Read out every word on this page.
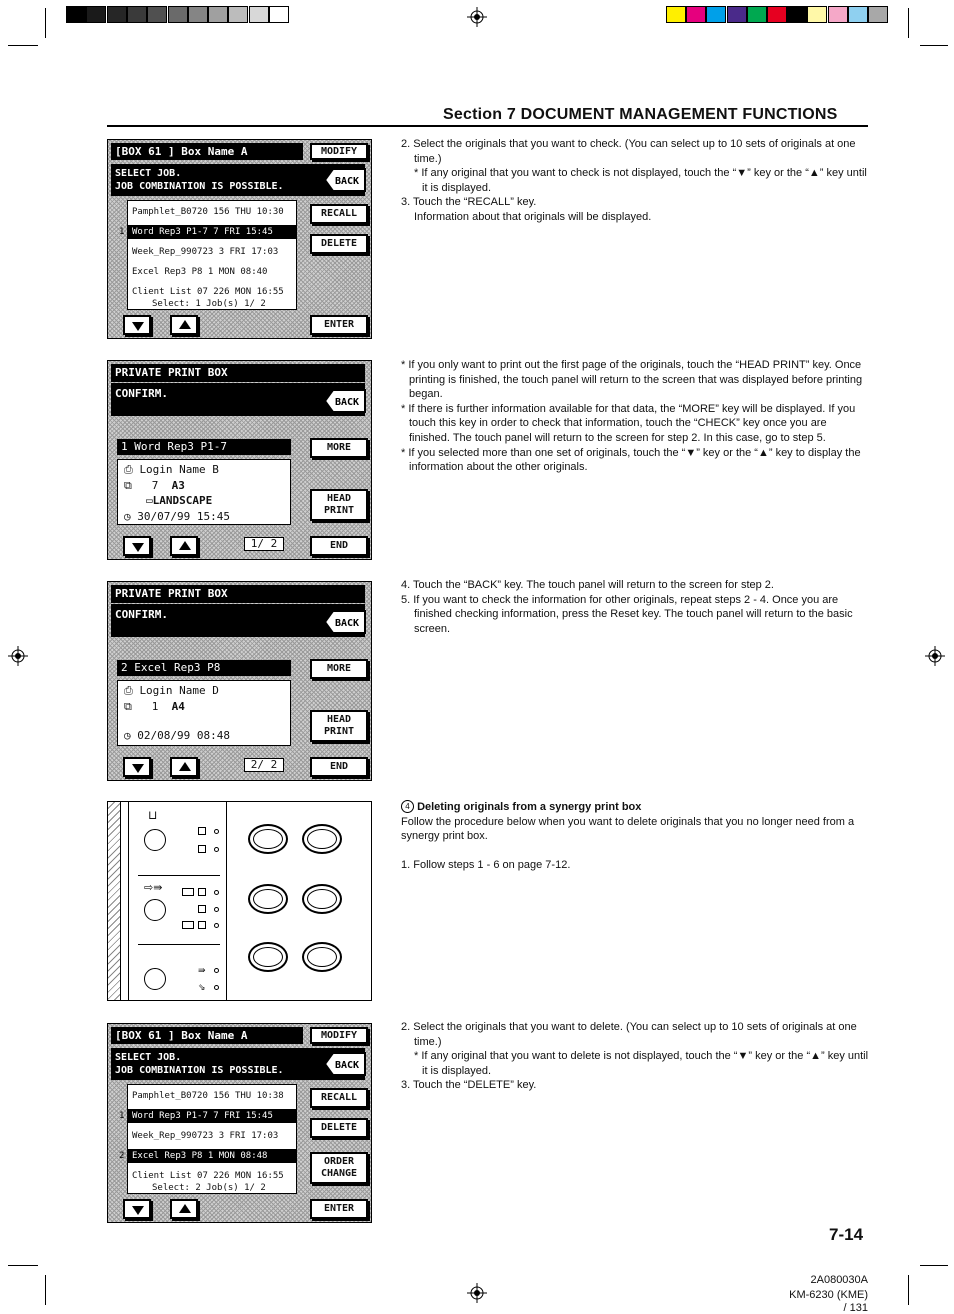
Section 7 DOCUMENT MANAGEMENT FUNCTIONS
[BOX 61 ] Box Name A	MODIFY
SELECT JOB.
JOB COMBINATION IS POSSIBLE.	BACK
Pamphlet_B0720 156 THU 10:30
1 Word Rep3 P1-7 7 FRI 15:45
Week_Rep_990723 3 FRI 17:03
Excel Rep3 P8 1 MON 08:40
Client List 07 226 MON 16:55
Select: 1 Job(s) 1/ 2
RECALL
DELETE
ENTER

2. Select the originals that you want to check. (You can select up to 10 sets of originals at one time.)

* If any original that you want to check is not displayed, touch the “▼” key or the “▲” key until it is displayed.

3. Touch the “RECALL” key.

Information about that originals will be displayed.

PRIVATE PRINT BOX
CONFIRM.
BACK
1 Word Rep3 P1-7
⎙ Login Name B
⧉ 7 A3
▭LANDSCAPE
◷ 30/07/99 15:45
MORE
HEAD
PRINT
1/ 2	END

* If you only want to print out the first page of the originals, touch the “HEAD PRINT” key. Once printing is finished, the touch panel will return to the screen that was displayed before printing began.

* If there is further information available for that data, the “MORE” key will be displayed. If you touch this key in order to check that information, touch the “CHECK” key once you are finished. The touch panel will return to the screen for step 2. In this case, go to step 5.

* If you selected more than one set of originals, touch the “▼” key or the “▲” key to display the information about the other originals.

PRIVATE PRINT BOX
CONFIRM.
BACK
2 Excel Rep3 P8
⎙ Login Name D
⧉ 1 A4
◷ 02/08/99 08:48
MORE
HEAD
PRINT
2/ 2	END

4. Touch the “BACK” key. The touch panel will return to the screen for step 2.

5. If you want to check the information for other originals, repeat steps 2 - 4. Once you are finished checking information, press the Reset key. The touch panel will return to the basic screen.

⊔
⇨⇛
⇛
⇘

4 Deleting originals from a synergy print box

Follow the procedure below when you want to delete originals that you no longer need from a synergy print box.

1. Follow steps 1 - 6 on page 7-12.

[BOX 61 ] Box Name A	MODIFY
SELECT JOB.
JOB COMBINATION IS POSSIBLE.	BACK
Pamphlet_B0720 156 THU 10:38
1 Word Rep3 P1-7 7 FRI 15:45
Week_Rep_990723 3 FRI 17:03
2 Excel Rep3 P8 1 MON 08:48
Client List 07 226 MON 16:55
Select: 2 Job(s) 1/ 2
RECALL
DELETE
ORDER
CHANGE
ENTER

2. Select the originals that you want to delete. (You can select up to 10 sets of originals at one time.)

* If any original that you want to delete is not displayed, touch the “▼” key or the “▲” key until it is displayed.

3. Touch the “DELETE” key.

7-14
2A080030A
KM-6230 (KME)
/ 131
